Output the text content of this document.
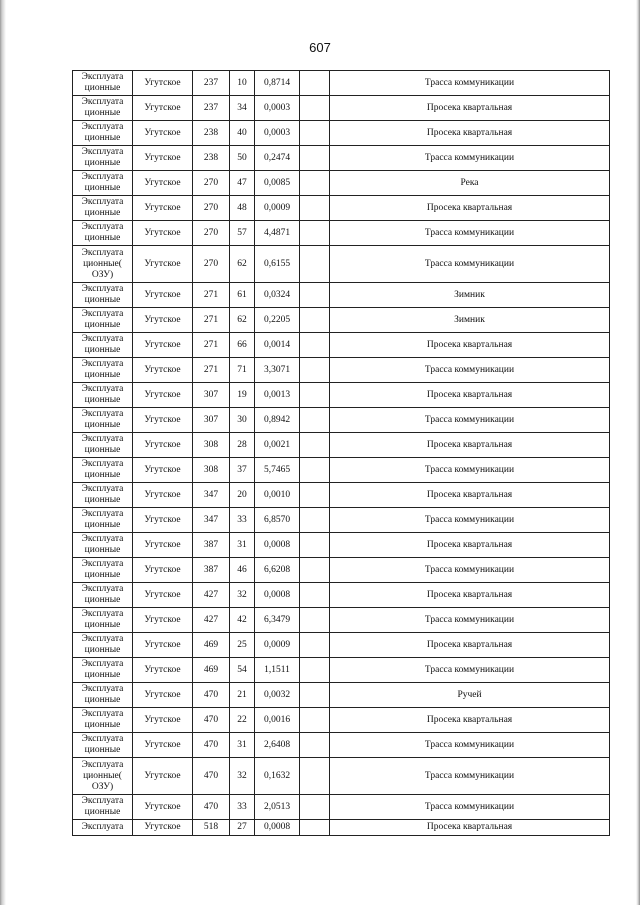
607
Эксплуата ционные	Угутское	237	10	0,8714		Трасса коммуникации
Эксплуата ционные	Угутское	237	34	0,0003		Просека квартальная
Эксплуата ционные	Угутское	238	40	0,0003		Просека квартальная
Эксплуата ционные	Угутское	238	50	0,2474		Трасса коммуникации
Эксплуата ционные	Угутское	270	47	0,0085		Река
Эксплуата ционные	Угутское	270	48	0,0009		Просека квартальная
Эксплуата ционные	Угутское	270	57	4,4871		Трасса коммуникации
Эксплуата ционные( ОЗУ)	Угутское	270	62	0,6155		Трасса коммуникации
Эксплуата ционные	Угутское	271	61	0,0324		Зимник
Эксплуата ционные	Угутское	271	62	0,2205		Зимник
Эксплуата ционные	Угутское	271	66	0,0014		Просека квартальная
Эксплуата ционные	Угутское	271	71	3,3071		Трасса коммуникации
Эксплуата ционные	Угутское	307	19	0,0013		Просека квартальная
Эксплуата ционные	Угутское	307	30	0,8942		Трасса коммуникации
Эксплуата ционные	Угутское	308	28	0,0021		Просека квартальная
Эксплуата ционные	Угутское	308	37	5,7465		Трасса коммуникации
Эксплуата ционные	Угутское	347	20	0,0010		Просека квартальная
Эксплуата ционные	Угутское	347	33	6,8570		Трасса коммуникации
Эксплуата ционные	Угутское	387	31	0,0008		Просека квартальная
Эксплуата ционные	Угутское	387	46	6,6208		Трасса коммуникации
Эксплуата ционные	Угутское	427	32	0,0008		Просека квартальная
Эксплуата ционные	Угутское	427	42	6,3479		Трасса коммуникации
Эксплуата ционные	Угутское	469	25	0,0009		Просека квартальная
Эксплуата ционные	Угутское	469	54	1,1511		Трасса коммуникации
Эксплуата ционные	Угутское	470	21	0,0032		Ручей
Эксплуата ционные	Угутское	470	22	0,0016		Просека квартальная
Эксплуата ционные	Угутское	470	31	2,6408		Трасса коммуникации
Эксплуата ционные( ОЗУ)	Угутское	470	32	0,1632		Трасса коммуникации
Эксплуата ционные	Угутское	470	33	2,0513		Трасса коммуникации
Эксплуата	Угутское	518	27	0,0008		Просека квартальная
